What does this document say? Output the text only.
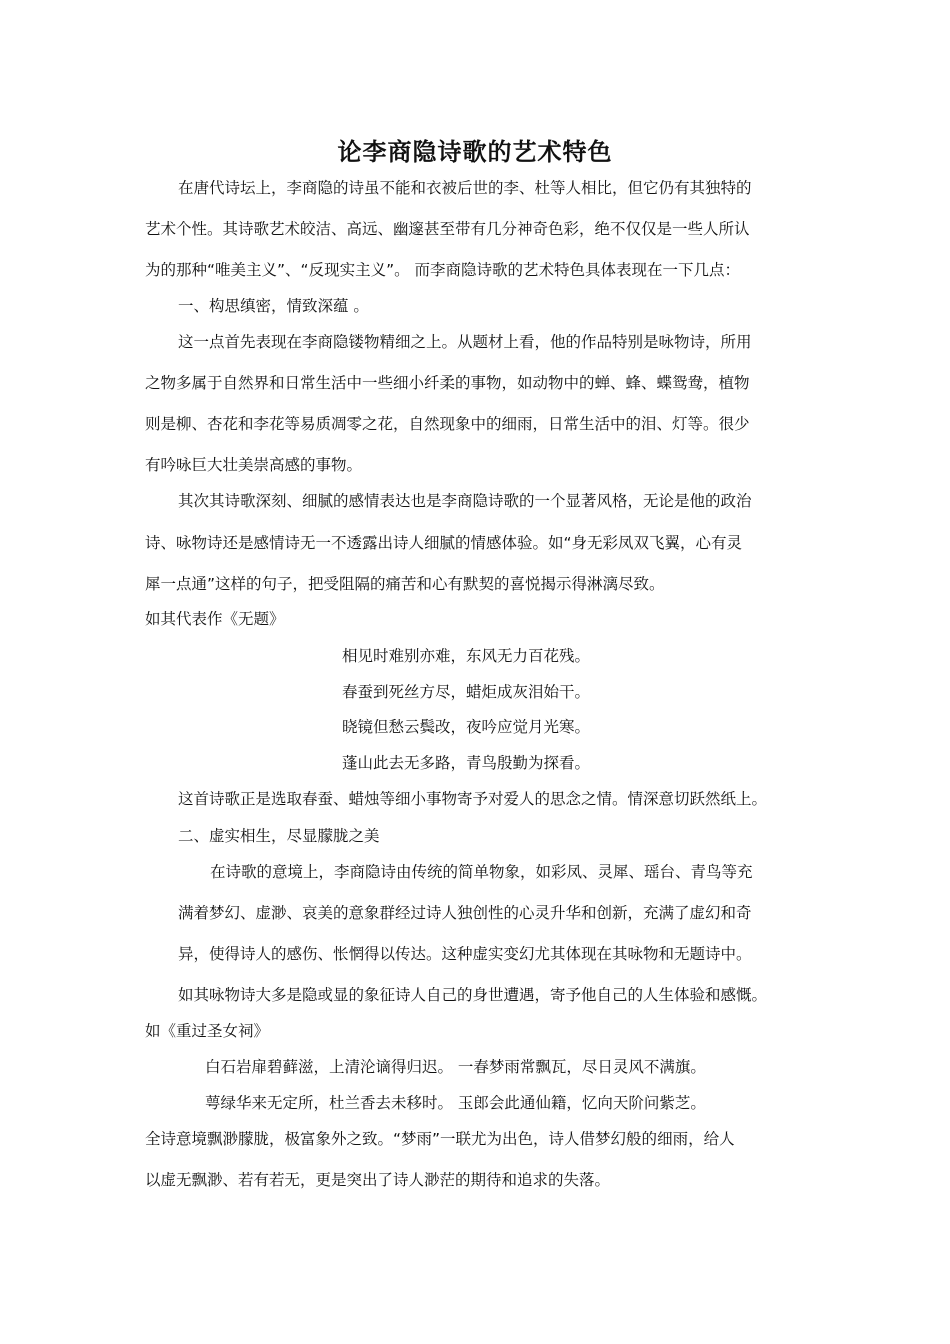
论李商隐诗歌的艺术特色
在唐代诗坛上，李商隐的诗虽不能和衣被后世的李、杜等人相比，但它仍有其独特的
艺术个性。其诗歌艺术皎洁、高远、幽邃甚至带有几分神奇色彩，绝不仅仅是一些人所认
为的那种“唯美主义”、“反现实主义”。 而李商隐诗歌的艺术特色具体表现在一下几点：
一、构思缜密，情致深蕴 。
这一点首先表现在李商隐镂物精细之上。从题材上看，他的作品特别是咏物诗，所用
之物多属于自然界和日常生活中一些细小纤柔的事物，如动物中的蝉、蜂、蝶鸳鸯，植物
则是柳、杏花和李花等易质凋零之花，自然现象中的细雨，日常生活中的泪、灯等。很少
有吟咏巨大壮美崇高感的事物。
其次其诗歌深刻、细腻的感情表达也是李商隐诗歌的一个显著风格，无论是他的政治
诗、咏物诗还是感情诗无一不透露出诗人细腻的情感体验。如“身无彩凤双飞翼，心有灵
犀一点通”这样的句子，把受阻隔的痛苦和心有默契的喜悦揭示得淋漓尽致。
如其代表作《无题》
相见时难别亦难，东风无力百花残。
春蚕到死丝方尽，蜡炬成灰泪始干。
晓镜但愁云鬓改，夜吟应觉月光寒。
蓬山此去无多路，青鸟殷勤为探看。
这首诗歌正是选取春蚕、蜡烛等细小事物寄予对爱人的思念之情。情深意切跃然纸上。
二、虚实相生，尽显朦胧之美
在诗歌的意境上，李商隐诗由传统的简单物象，如彩凤、灵犀、瑶台、青鸟等充
满着梦幻、虚渺、哀美的意象群经过诗人独创性的心灵升华和创新，充满了虚幻和奇
异，使得诗人的感伤、怅惘得以传达。这种虚实变幻尤其体现在其咏物和无题诗中。
如其咏物诗大多是隐或显的象征诗人自己的身世遭遇，寄予他自己的人生体验和感慨。
如《重过圣女祠》
白石岩扉碧藓滋，上清沦谪得归迟。 一春梦雨常飘瓦，尽日灵风不满旗。
萼绿华来无定所，杜兰香去未移时。 玉郎会此通仙籍，忆向天阶问紫芝。
全诗意境飘渺朦胧，极富象外之致。“梦雨”一联尤为出色，诗人借梦幻般的细雨，给人
以虚无飘渺、若有若无，更是突出了诗人渺茫的期待和追求的失落。
